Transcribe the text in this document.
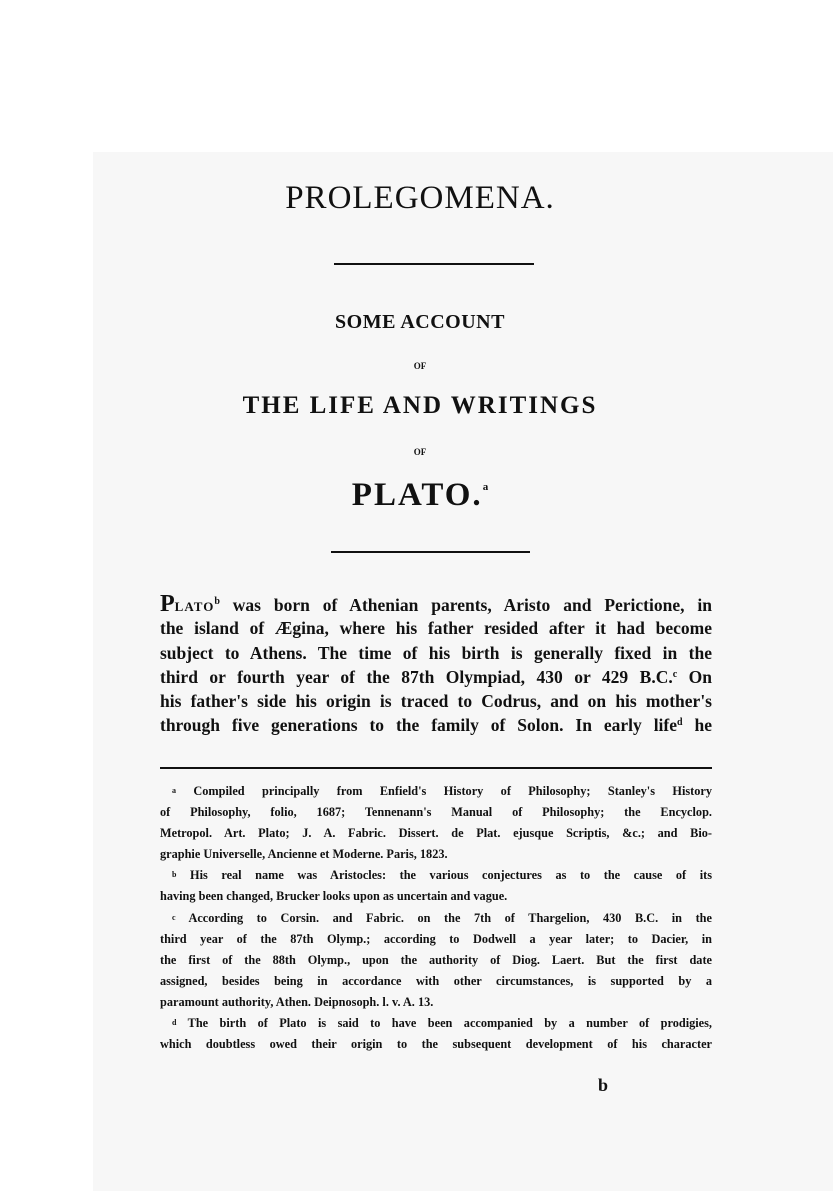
PROLEGOMENA.
SOME ACCOUNT
OF
THE LIFE AND WRITINGS
OF
PLATO.$^a$
PLATO$^b$ was born of Athenian parents, Aristo and Perictione, in
the island of Ægina, where his father resided after it had become
subject to Athens. The time of his birth is generally fixed in the
third or fourth year of the 87th Olympiad, 430 or 429 B.C.$^c$ On
his father's side his origin is traced to Codrus, and on his mother's
through five generations to the family of Solon. In early life$^d$ he
$^a$ Compiled principally from Enfield's History of Philosophy; Stanley's History
of Philosophy, folio, 1687; Tennenann's Manual of Philosophy; the Encyclop.
Metropol. Art. Plato; J. A. Fabric. Dissert. de Plat. ejusque Scriptis, &c.; and Bio-
graphie Universelle, Ancienne et Moderne. Paris, 1823.
$^b$ His real name was Aristocles: the various conjectures as to the cause of its
having been changed, Brucker looks upon as uncertain and vague.
$^c$ According to Corsin. and Fabric. on the 7th of Thargelion, 430 B.C. in the
third year of the 87th Olymp.; according to Dodwell a year later; to Dacier, in
the first of the 88th Olymp., upon the authority of Diog. Laert. But the first date
assigned, besides being in accordance with other circumstances, is supported by a
paramount authority, Athen. Deipnosoph. l. v. A. 13.
$^d$ The birth of Plato is said to have been accompanied by a number of prodigies,
which doubtless owed their origin to the subsequent development of his character
b
